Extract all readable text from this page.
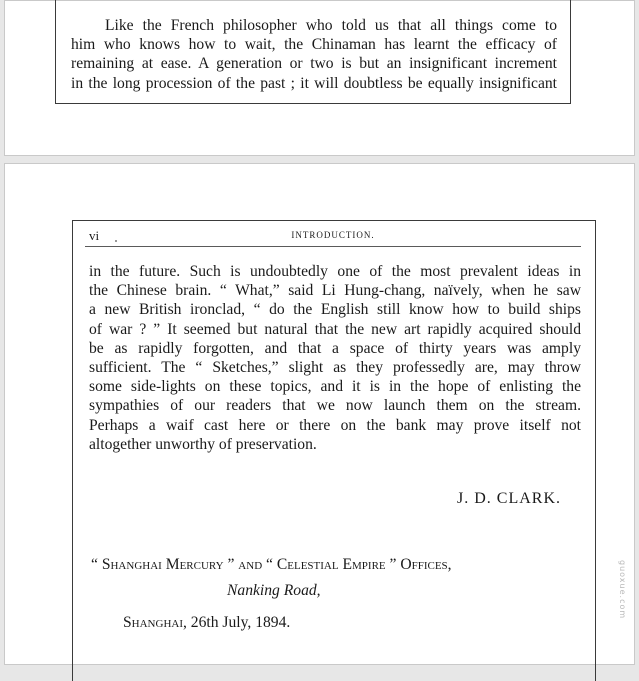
Like the French philosopher who told us that all things come to
him who knows how to wait, the Chinaman has learnt the efficacy of
remaining at ease. A generation or two is but an insignificant increment
in the long procession of the past ; it will doubtless be equally insignificant
vi	INTRODUCTION.
in the future. Such is undoubtedly one of the most prevalent ideas in
the Chinese brain. “ What,” said Li Hung-chang, naïvely, when he saw
a new British ironclad, “ do the English still know how to build ships
of war ? ” It seemed but natural that the new art rapidly acquired should
be as rapidly forgotten, and that a space of thirty years was amply
sufficient. The “ Sketches,” slight as they professedly are, may throw
some side-lights on these topics, and it is in the hope of enlisting the
sympathies of our readers that we now launch them on the stream.
Perhaps a waif cast here or there on the bank may prove itself not
altogether unworthy of preservation.
J. D. CLARK.
“ Shanghai Mercury ” and “ Celestial Empire ” Offices,
Nanking Road,
Shanghai, 26th July, 1894.
guoxue.com
